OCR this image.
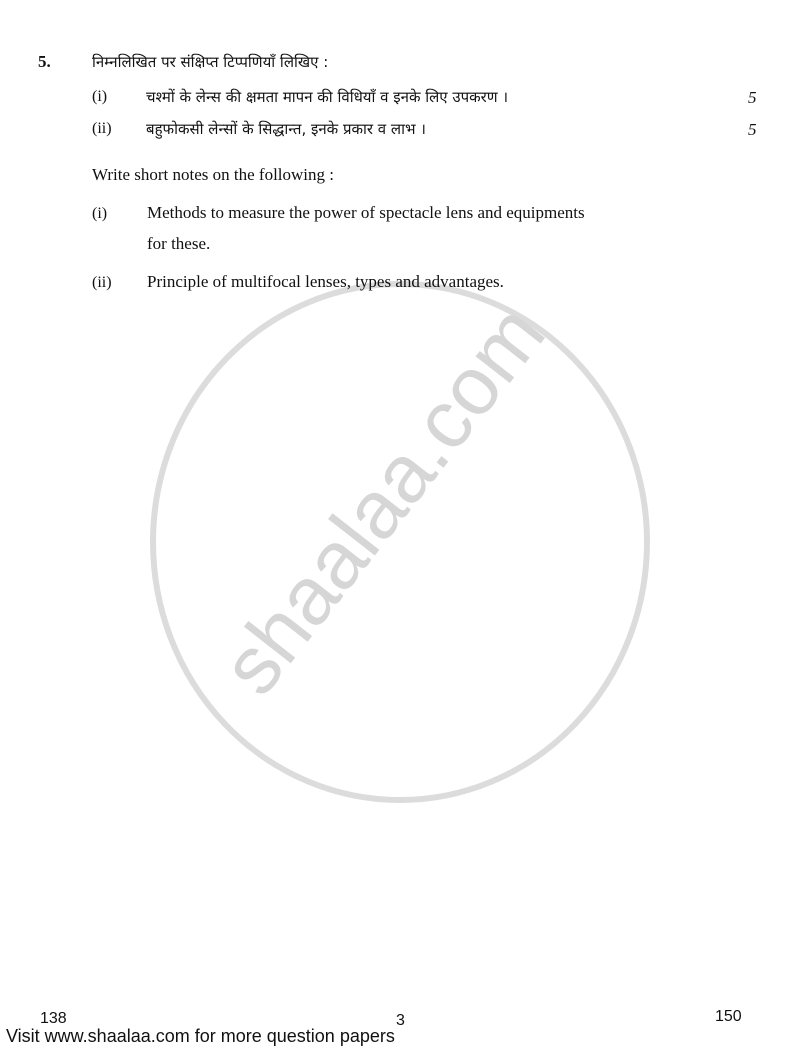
shaalaa.com
5.	निम्नलिखित पर संक्षिप्त टिप्पणियाँ लिखिए :
(i)	चश्मों के लेन्स की क्षमता मापन की विधियाँ व इनके लिए उपकरण ।	5
(ii) बहुफोकसी लेन्सों के सिद्धान्त, इनके प्रकार व लाभ ।	5
Write short notes on the following :
(i) Methods to measure the power of spectacle lens and equipments
for these.
(ii) Principle of multifocal lenses, types and advantages.
138	3	150
Visit www.shaalaa.com for more question papers
